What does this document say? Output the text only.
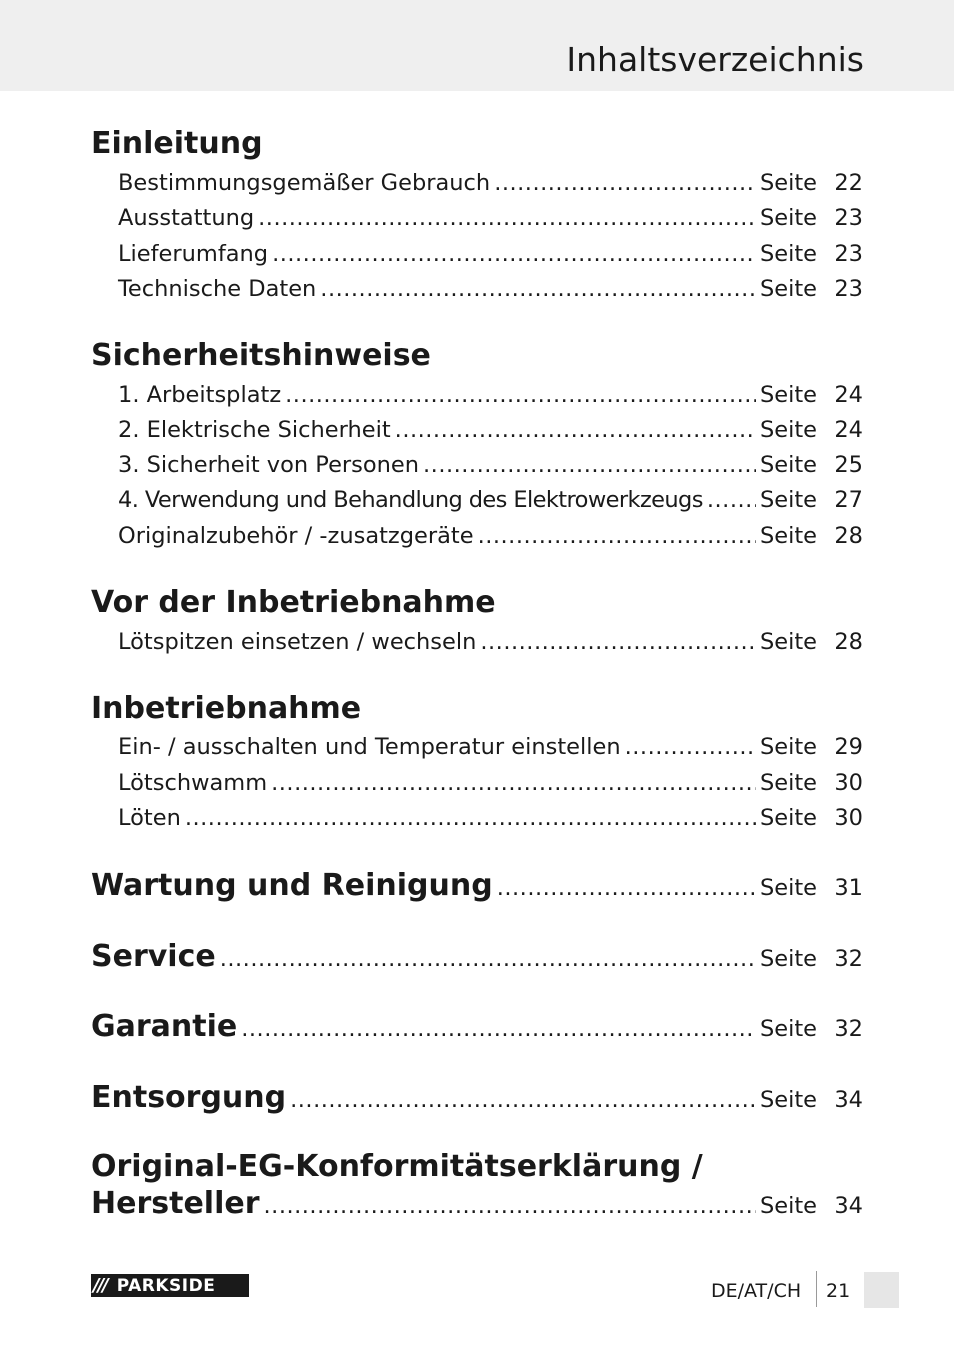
Inhaltsverzeichnis
Einleitung
Bestimmungsgemäßer Gebrauch .....	Seite 22
Ausstattung .....	Seite 23
Lieferumfang .....	Seite 23
Technische Daten .....	Seite 23
Sicherheitshinweise
1. Arbeitsplatz .....	Seite 24
2. Elektrische Sicherheit .....	Seite 24
3. Sicherheit von Personen .....	Seite 25
4. Verwendung und Behandlung des Elektrowerkzeugs .....	Seite 27
Originalzubehör / -zusatzgeräte .....	Seite 28
Vor der Inbetriebnahme
Lötspitzen einsetzen / wechseln .....	Seite 28
Inbetriebnahme
Ein- / ausschalten und Temperatur einstellen .....	Seite 29
Lötschwamm .....	Seite 30
Löten .....	Seite 30
Wartung und Reinigung .....	Seite 31
Service .....	Seite 32
Garantie .....	Seite 32
Entsorgung .....	Seite 34
Original-EG-Konformitätserklärung /
Hersteller .....	Seite 34
/// PARKSIDE	DE/AT/CH 21
